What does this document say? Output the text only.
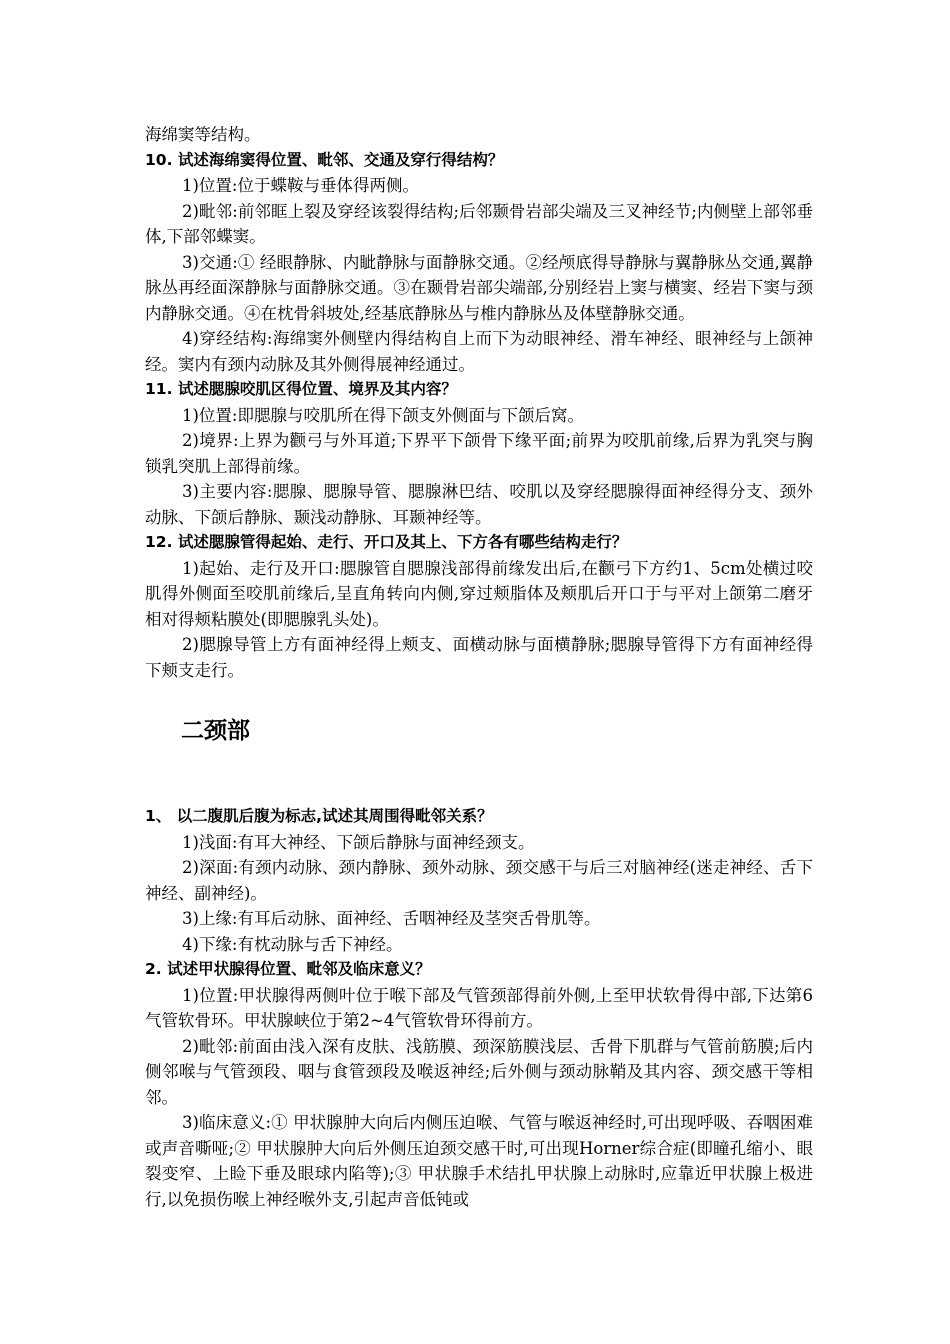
海绵窦等结构。
10. 试述海绵窦得位置、毗邻、交通及穿行得结构？

1)位置:位于蝶鞍与垂体得两侧。

2)毗邻:前邻眶上裂及穿经该裂得结构;后邻颞骨岩部尖端及三叉神经节;内侧壁上部邻垂体,下部邻蝶窦。

3)交通:① 经眼静脉、内眦静脉与面静脉交通。②经颅底得导静脉与翼静脉丛交通,翼静脉丛再经面深静脉与面静脉交通。③在颞骨岩部尖端部,分别经岩上窦与横窦、经岩下窦与颈内静脉交通。④在枕骨斜坡处,经基底静脉丛与椎内静脉丛及体壁静脉交通。

4)穿经结构:海绵窦外侧壁内得结构自上而下为动眼神经、滑车神经、眼神经与上颌神经。窦内有颈内动脉及其外侧得展神经通过。

11. 试述腮腺咬肌区得位置、境界及其内容？

1)位置:即腮腺与咬肌所在得下颌支外侧面与下颌后窝。

2)境界:上界为颧弓与外耳道;下界平下颌骨下缘平面;前界为咬肌前缘,后界为乳突与胸锁乳突肌上部得前缘。

3)主要内容:腮腺、腮腺导管、腮腺淋巴结、咬肌以及穿经腮腺得面神经得分支、颈外动脉、下颌后静脉、颞浅动静脉、耳颞神经等。

12. 试述腮腺管得起始、走行、开口及其上、下方各有哪些结构走行？

1)起始、走行及开口:腮腺管自腮腺浅部得前缘发出后,在颧弓下方约1、5cm处横过咬肌得外侧面至咬肌前缘后,呈直角转向内侧,穿过颊脂体及颊肌后开口于与平对上颌第二磨牙相对得颊粘膜处(即腮腺乳头处)。

2)腮腺导管上方有面神经得上颊支、面横动脉与面横静脉;腮腺导管得下方有面神经得下颊支走行。

二颈部
1、 以二腹肌后腹为标志,试述其周围得毗邻关系？

1)浅面:有耳大神经、下颌后静脉与面神经颈支。

2)深面:有颈内动脉、颈内静脉、颈外动脉、颈交感干与后三对脑神经(迷走神经、舌下神经、副神经)。

3)上缘:有耳后动脉、面神经、舌咽神经及茎突舌骨肌等。

4)下缘:有枕动脉与舌下神经。

2. 试述甲状腺得位置、毗邻及临床意义？

1)位置:甲状腺得两侧叶位于喉下部及气管颈部得前外侧,上至甲状软骨得中部,下达第6气管软骨环。甲状腺峡位于第2~4气管软骨环得前方。

2)毗邻:前面由浅入深有皮肤、浅筋膜、颈深筋膜浅层、舌骨下肌群与气管前筋膜;后内侧邻喉与气管颈段、咽与食管颈段及喉返神经;后外侧与颈动脉鞘及其内容、颈交感干等相邻。

3)临床意义:① 甲状腺肿大向后内侧压迫喉、气管与喉返神经时,可出现呼吸、吞咽困难或声音嘶哑;② 甲状腺肿大向后外侧压迫颈交感干时,可出现Horner综合症(即瞳孔缩小、眼裂变窄、上睑下垂及眼球内陷等);③ 甲状腺手术结扎甲状腺上动脉时,应靠近甲状腺上极进行,以免损伤喉上神经喉外支,引起声音低钝或
